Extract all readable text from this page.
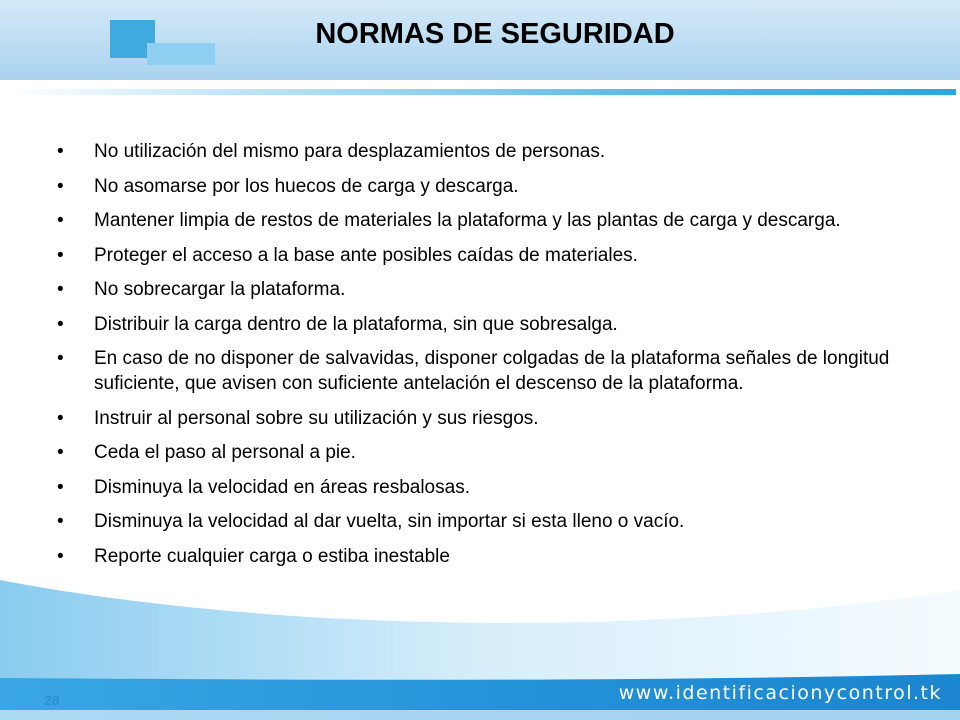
NORMAS DE SEGURIDAD
• No utilización del mismo para desplazamientos de personas.
• No asomarse por los huecos de carga y descarga.
• Mantener limpia de restos de materiales la plataforma y las plantas de carga y descarga.
• Proteger el acceso a la base ante posibles caídas de materiales.
• No sobrecargar la plataforma.
• Distribuir la carga dentro de la plataforma, sin que sobresalga.
• En caso de no disponer de salvavidas, disponer colgadas de la plataforma señales de longitud suficiente, que avisen con suficiente antelación el descenso de la plataforma.
• Instruir al personal sobre su utilización y sus riesgos.
• Ceda el paso al personal a pie.
• Disminuya la velocidad en áreas resbalosas.
• Disminuya la velocidad al dar vuelta, sin importar si esta lleno o vacío.
• Reporte cualquier carga o estiba inestable
28	www.identificacionycontrol.tk
